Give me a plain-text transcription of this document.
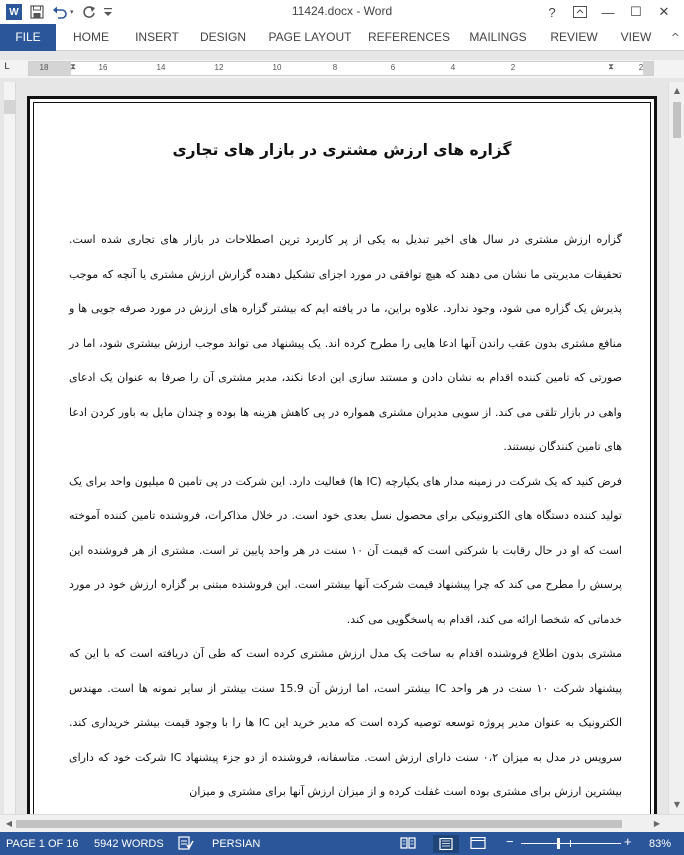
W	▾	11424.docx - Word	?	—	☐	✕
FILE	HOME	INSERT	DESIGN	PAGE LAYOUT	REFERENCES	MAILINGS	REVIEW	VIEW	^
L	18	⧗	16	14	12	10	8	6	4	2	⧗	2
گزاره های ارزش مشتری در بازار های تجاری

گزاره ارزش مشتری در سال های اخیر تبدیل به یکی از پر کاربرد ترین اصطلاحات در بازار های تجاری شده است. تحقیقات مدیریتی ما نشان می دهند که هیچ توافقی در مورد اجزای تشکیل دهنده گزارش ارزش مشتری یا آنچه که موجب پذیرش یک گزاره می شود، وجود ندارد. علاوه براین، ما در یافته ایم که بیشتر گزاره های ارزش در مورد صرفه جویی ها و منافع مشتری بدون عقب راندن آنها ادعا هایی را مطرح کرده اند. یک پیشنهاد می تواند موجب ارزش بیشتری شود، اما در صورتی که تامین کننده اقدام به نشان دادن و مستند سازی این ادعا نکند، مدیر مشتری آن را صرفا به عنوان یک ادعای واهی در بازار تلقی می کند. از سویی مدیران مشتری همواره در پی کاهش هزینه ها بوده و چندان مایل به باور کردن ادعا های تامین کنندگان نیستند.

فرض کنید که یک شرکت در زمینه مدار های یکپارچه (IC ها) فعالیت دارد. این شرکت در پی تامین ۵ میلیون واحد برای یک تولید کننده دستگاه های الکترونیکی برای محصول نسل بعدی خود است. در خلال مذاکرات، فروشنده تامین کننده آموخته است که او در حال رقابت با شرکتی است که قیمت آن ۱۰ سنت در هر واحد پایین تر است. مشتری از هر فروشنده این پرسش را مطرح می کند که چرا پیشنهاد قیمت شرکت آنها بیشتر است. این فروشنده مبتنی بر گزاره ارزش خود در مورد خدماتی که شخصا ارائه می کند، اقدام به پاسخگویی می کند.

مشتری بدون اطلاع فروشنده اقدام به ساخت یک مدل ارزش مشتری کرده است که طی آن دریافته است که با این که پیشنهاد شرکت ۱۰ سنت در هر واحد IC بیشتر است، اما ارزش آن 15.9 سنت بیشتر از سایر نمونه ها است. مهندس الکترونیک به عنوان مدیر پروژه توسعه توصیه کرده است که مدیر خرید این IC ها را با وجود قیمت بیشتر خریداری کند. سرویس در مدل به میزان ۰،۲ سنت دارای ارزش است. متاسفانه، فروشنده از دو جزء پیشنهاد IC شرکت خود که دارای بیشترین ارزش برای مشتری بوده است غفلت کرده و از میزان ارزش آنها برای مشتری و میزان

▲
▼
◀	▶
PAGE 1 OF 16 5942 WORDS	PERSIAN	−	+ 83%
